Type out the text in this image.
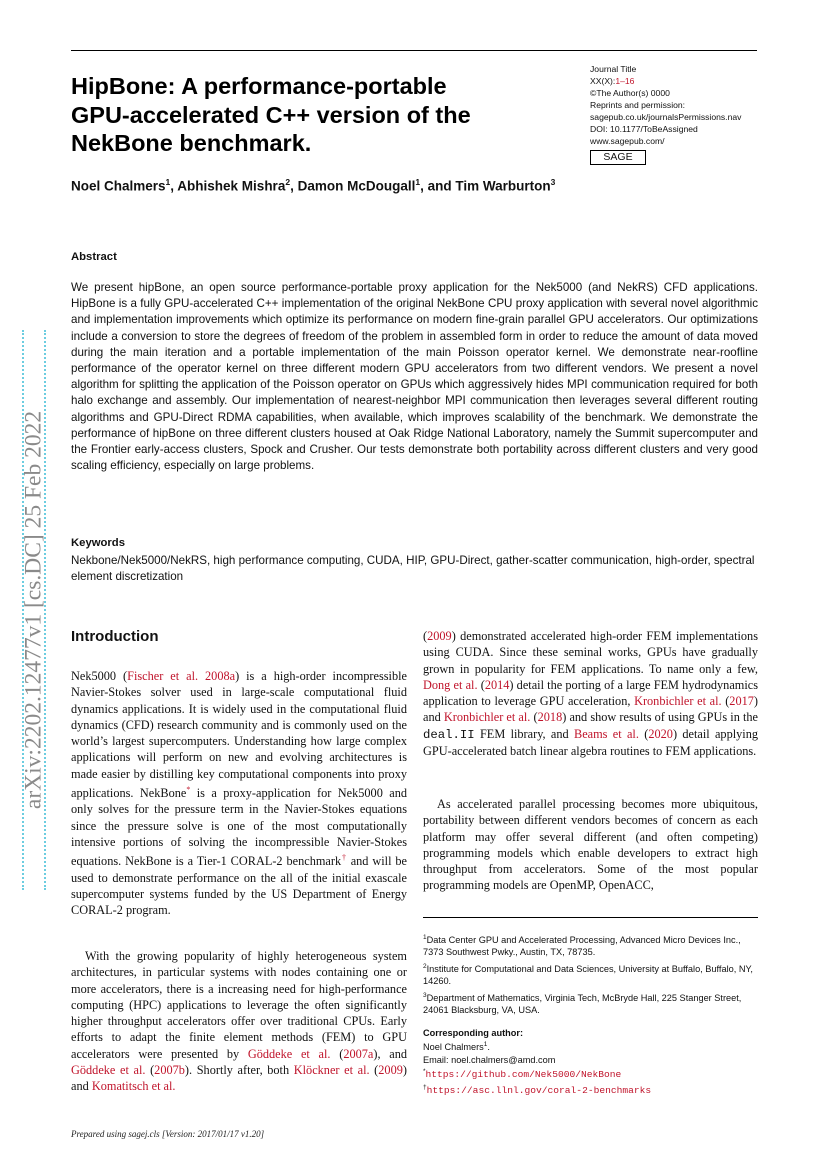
HipBone: A performance-portable GPU-accelerated C++ version of the NekBone benchmark.
Journal Title
XX(X):1–16
©The Author(s) 0000
Reprints and permission:
sagepub.co.uk/journalsPermissions.nav
DOI: 10.1177/ToBeAssigned
www.sagepub.com/
SAGE
Noel Chalmers$^1$, Abhishek Mishra$^2$, Damon McDougall$^1$, and Tim Warburton$^3$
Abstract
We present hipBone, an open source performance-portable proxy application for the Nek5000 (and NekRS) CFD applications. HipBone is a fully GPU-accelerated C++ implementation of the original NekBone CPU proxy application with several novel algorithmic and implementation improvements which optimize its performance on modern fine-grain parallel GPU accelerators. Our optimizations include a conversion to store the degrees of freedom of the problem in assembled form in order to reduce the amount of data moved during the main iteration and a portable implementation of the main Poisson operator kernel. We demonstrate near-roofline performance of the operator kernel on three different modern GPU accelerators from two different vendors. We present a novel algorithm for splitting the application of the Poisson operator on GPUs which aggressively hides MPI communication required for both halo exchange and assembly. Our implementation of nearest-neighbor MPI communication then leverages several different routing algorithms and GPU-Direct RDMA capabilities, when available, which improves scalability of the benchmark. We demonstrate the performance of hipBone on three different clusters housed at Oak Ridge National Laboratory, namely the Summit supercomputer and the Frontier early-access clusters, Spock and Crusher. Our tests demonstrate both portability across different clusters and very good scaling efficiency, especially on large problems.
Keywords
Nekbone/Nek5000/NekRS, high performance computing, CUDA, HIP, GPU-Direct, gather-scatter communication, high-order, spectral element discretization
Introduction
Nek5000 (Fischer et al. 2008a) is a high-order incompressible Navier-Stokes solver used in large-scale computational fluid dynamics applications. It is widely used in the computational fluid dynamics (CFD) research community and is commonly used on the world’s largest supercomputers. Understanding how large complex applications will perform on new and evolving architectures is made easier by distilling key computational components into proxy applications. NekBone* is a proxy-application for Nek5000 and only solves for the pressure term in the Navier-Stokes equations since the pressure solve is one of the most computationally intensive portions of solving the incompressible Navier-Stokes equations. NekBone is a Tier-1 CORAL-2 benchmark† and will be used to demonstrate performance on the all of the initial exascale supercomputer systems funded by the US Department of Energy CORAL-2 program.
With the growing popularity of highly heterogeneous system architectures, in particular systems with nodes containing one or more accelerators, there is a increasing need for high-performance computing (HPC) applications to leverage the often significantly higher throughput accelerators offer over traditional CPUs. Early efforts to adapt the finite element methods (FEM) to GPU accelerators were presented by Göddeke et al. (2007a), and Göddeke et al. (2007b). Shortly after, both Klöckner et al. (2009) and Komatitsch et al.
(2009) demonstrated accelerated high-order FEM implementations using CUDA. Since these seminal works, GPUs have gradually grown in popularity for FEM applications. To name only a few, Dong et al. (2014) detail the porting of a large FEM hydrodynamics application to leverage GPU acceleration, Kronbichler et al. (2017) and Kronbichler et al. (2018) and show results of using GPUs in the deal.II FEM library, and Beams et al. (2020) detail applying GPU-accelerated batch linear algebra routines to FEM applications.
As accelerated parallel processing becomes more ubiquitous, portability between different vendors becomes of concern as each platform may offer several different (and often competing) programming models which enable developers to extract high throughput from accelerators. Some of the most popular programming models are OpenMP, OpenACC,

$^1$Data Center GPU and Accelerated Processing, Advanced Micro Devices Inc., 7373 Southwest Pwky., Austin, TX, 78735.

$^2$Institute for Computational and Data Sciences, University at Buffalo, Buffalo, NY, 14260.

$^3$Department of Mathematics, Virginia Tech, McBryde Hall, 225 Stanger Street, 24061 Blacksburg, VA, USA.

Corresponding author:
Noel Chalmers$^1$.
Email: noel.chalmers@amd.com
*https://github.com/Nek5000/NekBone
†https://asc.llnl.gov/coral-2-benchmarks
Prepared using sagej.cls [Version: 2017/01/17 v1.20]
arXiv:2202.12477v1 [cs.DC] 25 Feb 2022
